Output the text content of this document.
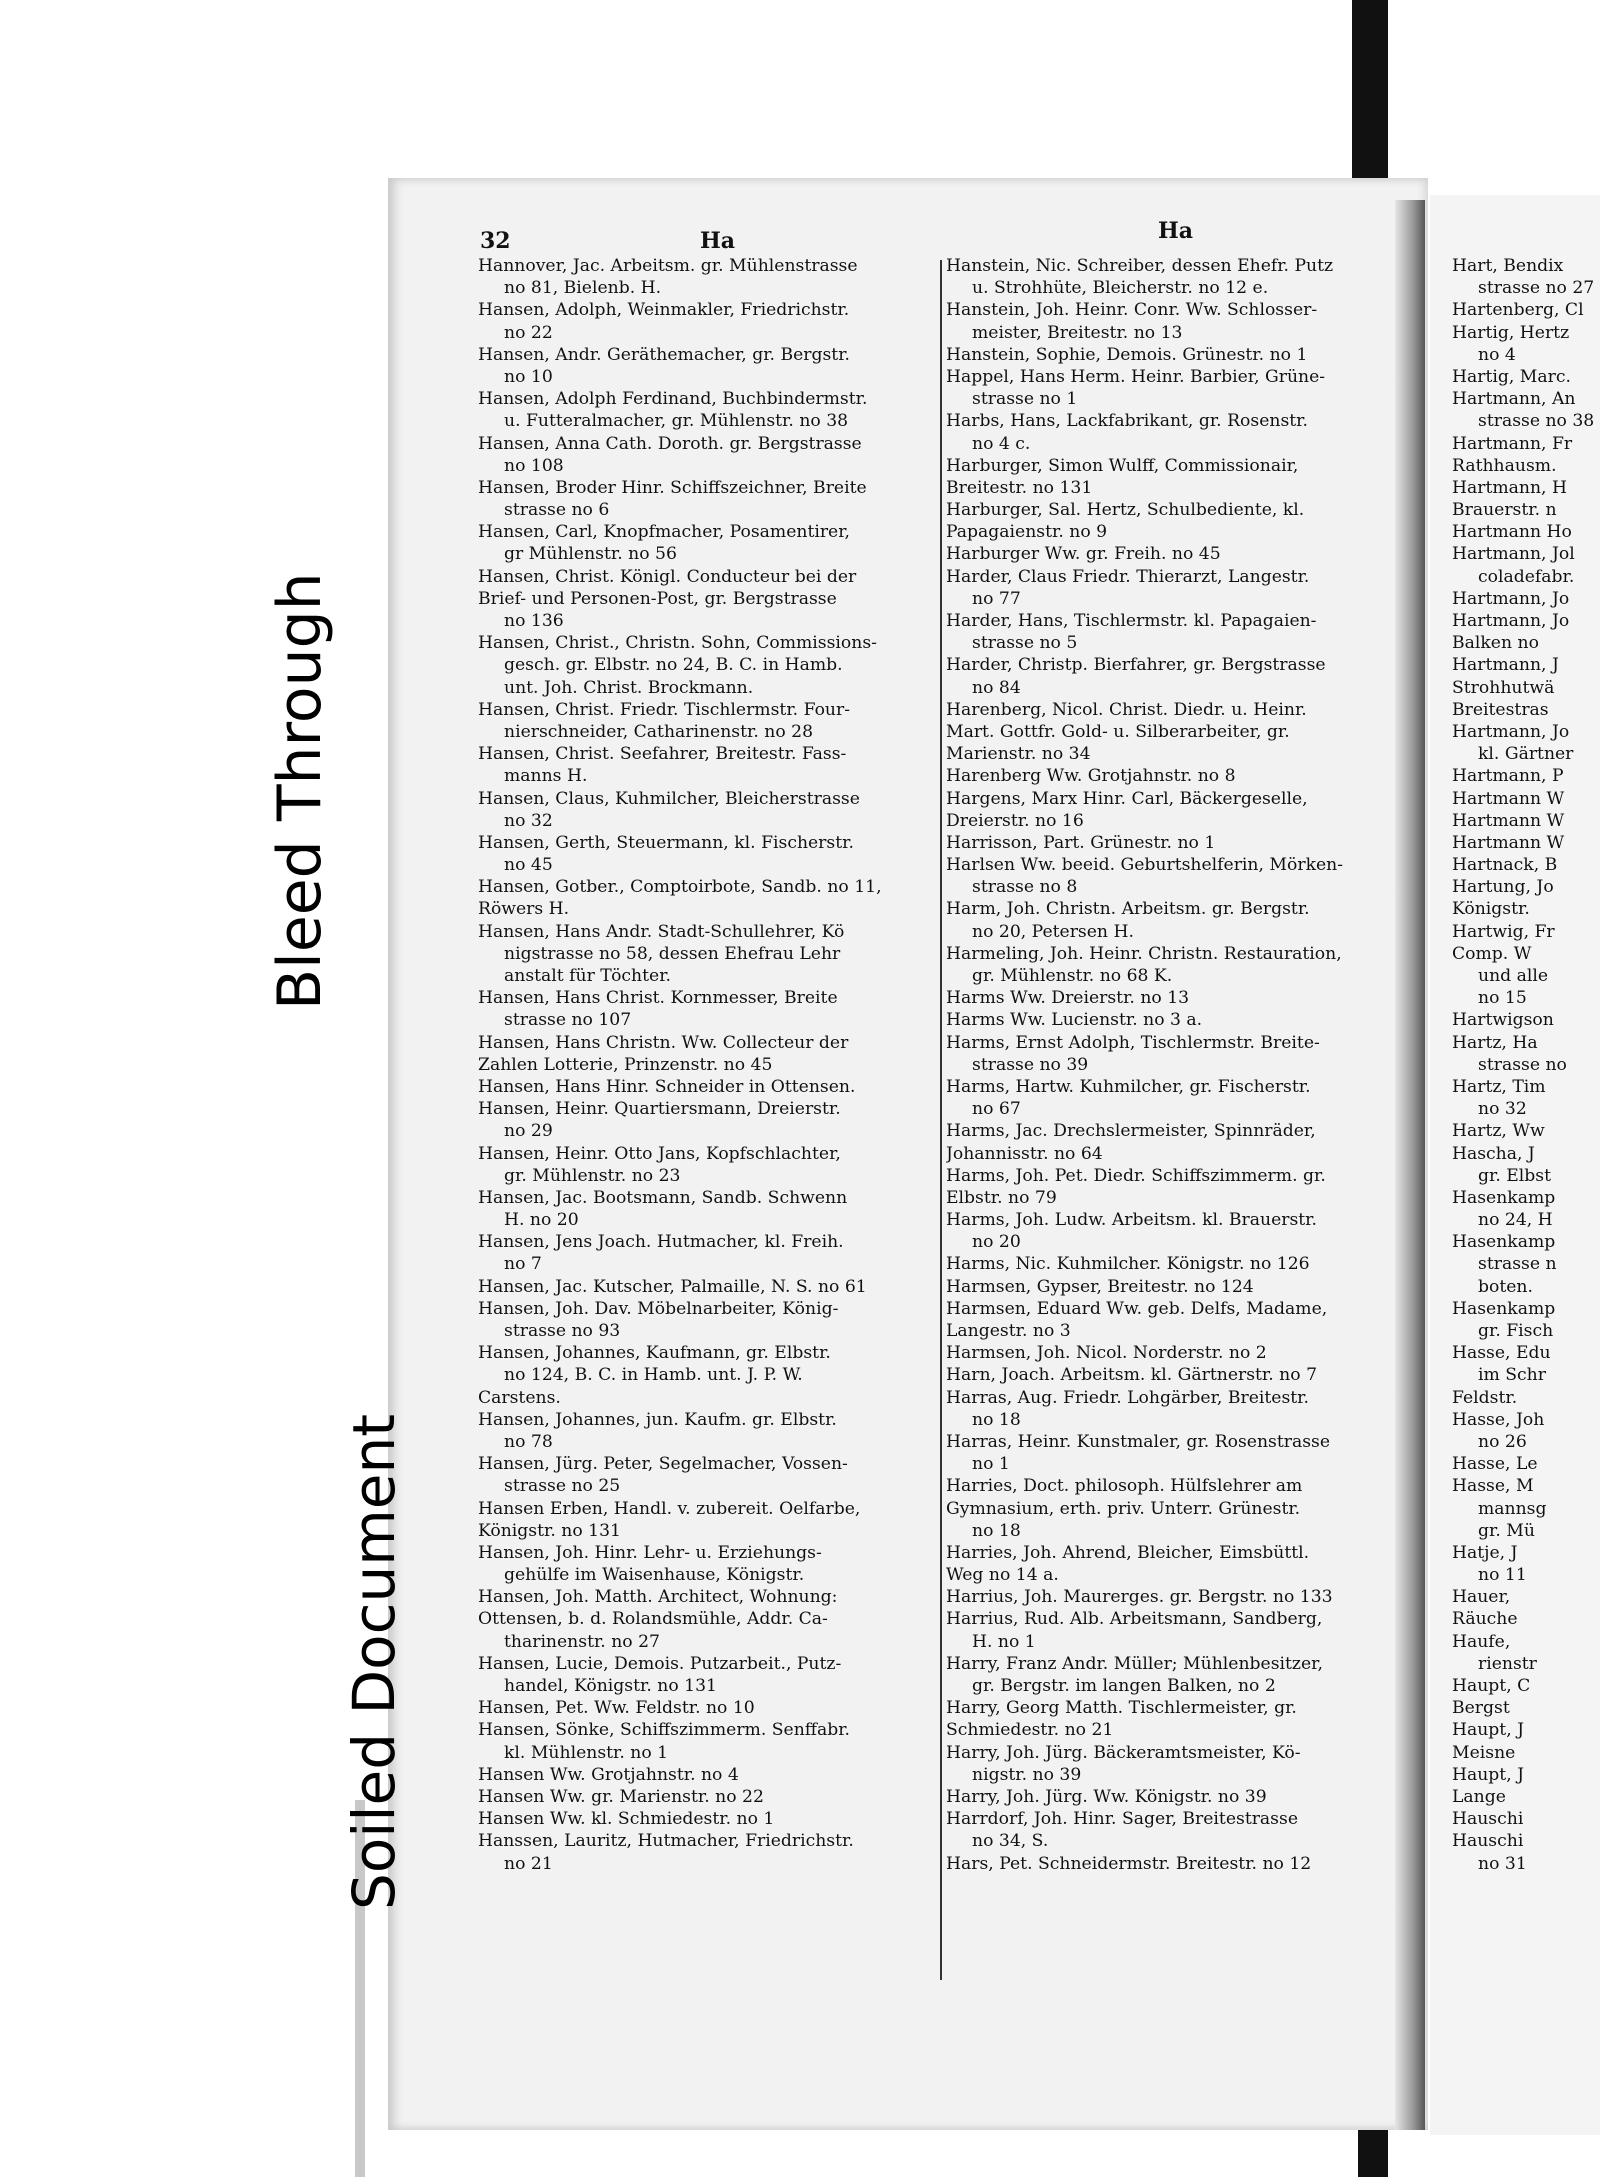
32	Ha	Ha
Hannover, Jac. Arbeitsm. gr. Mühlenstrasse
no 81, Bielenb. H.
Hansen, Adolph, Weinmakler, Friedrichstr.
no 22
Hansen, Andr. Geräthemacher, gr. Bergstr.
no 10
Hansen, Adolph Ferdinand, Buchbindermstr.
u. Futteralmacher, gr. Mühlenstr. no 38
Hansen, Anna Cath. Doroth. gr. Bergstrasse
no 108
Hansen, Broder Hinr. Schiffszeichner, Breite
strasse no 6
Hansen, Carl, Knopfmacher, Posamentirer,
gr Mühlenstr. no 56
Hansen, Christ. Königl. Conducteur bei der
Brief- und Personen-Post, gr. Bergstrasse
no 136
Hansen, Christ., Christn. Sohn, Commissions-
gesch. gr. Elbstr. no 24, B. C. in Hamb.
unt. Joh. Christ. Brockmann.
Hansen, Christ. Friedr. Tischlermstr. Four-
nierschneider, Catharinenstr. no 28
Hansen, Christ. Seefahrer, Breitestr. Fass-
manns H.
Hansen, Claus, Kuhmilcher, Bleicherstrasse
no 32
Hansen, Gerth, Steuermann, kl. Fischerstr.
no 45
Hansen, Gotber., Comptoirbote, Sandb. no 11,
Röwers H.
Hansen, Hans Andr. Stadt-Schullehrer, Kö
nigstrasse no 58, dessen Ehefrau Lehr
anstalt für Töchter.
Hansen, Hans Christ. Kornmesser, Breite
strasse no 107
Hansen, Hans Christn. Ww. Collecteur der
Zahlen Lotterie, Prinzenstr. no 45
Hansen, Hans Hinr. Schneider in Ottensen.
Hansen, Heinr. Quartiersmann, Dreierstr.
no 29
Hansen, Heinr. Otto Jans, Kopfschlachter,
gr. Mühlenstr. no 23
Hansen, Jac. Bootsmann, Sandb. Schwenn
H. no 20
Hansen, Jens Joach. Hutmacher, kl. Freih.
no 7
Hansen, Jac. Kutscher, Palmaille, N. S. no 61
Hansen, Joh. Dav. Möbelnarbeiter, König-
strasse no 93
Hansen, Johannes, Kaufmann, gr. Elbstr.
no 124, B. C. in Hamb. unt. J. P. W.
Carstens.
Hansen, Johannes, jun. Kaufm. gr. Elbstr.
no 78
Hansen, Jürg. Peter, Segelmacher, Vossen-
strasse no 25
Hansen Erben, Handl. v. zubereit. Oelfarbe,
Königstr. no 131
Hansen, Joh. Hinr. Lehr- u. Erziehungs-
gehülfe im Waisenhause, Königstr.
Hansen, Joh. Matth. Architect, Wohnung:
Ottensen, b. d. Rolandsmühle, Addr. Ca-
tharinenstr. no 27
Hansen, Lucie, Demois. Putzarbeit., Putz-
handel, Königstr. no 131
Hansen, Pet. Ww. Feldstr. no 10
Hansen, Sönke, Schiffszimmerm. Senffabr.
kl. Mühlenstr. no 1
Hansen Ww. Grotjahnstr. no 4
Hansen Ww. gr. Marienstr. no 22
Hansen Ww. kl. Schmiedestr. no 1
Hanssen, Lauritz, Hutmacher, Friedrichstr.
no 21
Hanstein, Nic. Schreiber, dessen Ehefr. Putz
u. Strohhüte, Bleicherstr. no 12 e.
Hanstein, Joh. Heinr. Conr. Ww. Schlosser-
meister, Breitestr. no 13
Hanstein, Sophie, Demois. Grünestr. no 1
Happel, Hans Herm. Heinr. Barbier, Grüne-
strasse no 1
Harbs, Hans, Lackfabrikant, gr. Rosenstr.
no 4 c.
Harburger, Simon Wulff, Commissionair,
Breitestr. no 131
Harburger, Sal. Hertz, Schulbediente, kl.
Papagaienstr. no 9
Harburger Ww. gr. Freih. no 45
Harder, Claus Friedr. Thierarzt, Langestr.
no 77
Harder, Hans, Tischlermstr. kl. Papagaien-
strasse no 5
Harder, Christp. Bierfahrer, gr. Bergstrasse
no 84
Harenberg, Nicol. Christ. Diedr. u. Heinr.
Mart. Gottfr. Gold- u. Silberarbeiter, gr.
Marienstr. no 34
Harenberg Ww. Grotjahnstr. no 8
Hargens, Marx Hinr. Carl, Bäckergeselle,
Dreierstr. no 16
Harrisson, Part. Grünestr. no 1
Harlsen Ww. beeid. Geburtshelferin, Mörken-
strasse no 8
Harm, Joh. Christn. Arbeitsm. gr. Bergstr.
no 20, Petersen H.
Harmeling, Joh. Heinr. Christn. Restauration,
gr. Mühlenstr. no 68 K.
Harms Ww. Dreierstr. no 13
Harms Ww. Lucienstr. no 3 a.
Harms, Ernst Adolph, Tischlermstr. Breite-
strasse no 39
Harms, Hartw. Kuhmilcher, gr. Fischerstr.
no 67
Harms, Jac. Drechslermeister, Spinnräder,
Johannisstr. no 64
Harms, Joh. Pet. Diedr. Schiffszimmerm. gr.
Elbstr. no 79
Harms, Joh. Ludw. Arbeitsm. kl. Brauerstr.
no 20
Harms, Nic. Kuhmilcher. Königstr. no 126
Harmsen, Gypser, Breitestr. no 124
Harmsen, Eduard Ww. geb. Delfs, Madame,
Langestr. no 3
Harmsen, Joh. Nicol. Norderstr. no 2
Harn, Joach. Arbeitsm. kl. Gärtnerstr. no 7
Harras, Aug. Friedr. Lohgärber, Breitestr.
no 18
Harras, Heinr. Kunstmaler, gr. Rosenstrasse
no 1
Harries, Doct. philosoph. Hülfslehrer am
Gymnasium, erth. priv. Unterr. Grünestr.
no 18
Harries, Joh. Ahrend, Bleicher, Eimsbüttl.
Weg no 14 a.
Harrius, Joh. Maurerges. gr. Bergstr. no 133
Harrius, Rud. Alb. Arbeitsmann, Sandberg,
H. no 1
Harry, Franz Andr. Müller; Mühlenbesitzer,
gr. Bergstr. im langen Balken, no 2
Harry, Georg Matth. Tischlermeister, gr.
Schmiedestr. no 21
Harry, Joh. Jürg. Bäckeramtsmeister, Kö-
nigstr. no 39
Harry, Joh. Jürg. Ww. Königstr. no 39
Harrdorf, Joh. Hinr. Sager, Breitestrasse
no 34, S.
Hars, Pet. Schneidermstr. Breitestr. no 12
Hart, Bendix
strasse no 27
Hartenberg, Cl
Hartig, Hertz
no 4
Hartig, Marc.
Hartmann, An
strasse no 38
Hartmann, Fr
Rathhausm.
Hartmann, H
Brauerstr. n
Hartmann Ho
Hartmann, Jol
coladefabr.
Hartmann, Jo
Hartmann, Jo
Balken no
Hartmann, J
Strohhutwä
Breitestras
Hartmann, Jo
kl. Gärtner
Hartmann, P
Hartmann W
Hartmann W
Hartmann W
Hartnack, B
Hartung, Jo
Königstr.
Hartwig, Fr
Comp. W
und alle
no 15
Hartwigson
Hartz, Ha
strasse no
Hartz, Tim
no 32
Hartz, Ww
Hascha, J
gr. Elbst
Hasenkamp
no 24, H
Hasenkamp
strasse n
boten.
Hasenkamp
gr. Fisch
Hasse, Edu
im Schr
Feldstr.
Hasse, Joh
no 26
Hasse, Le
Hasse, M
mannsg
gr. Mü
Hatje, J
no 11
Hauer,
Räuche
Haufe,
rienstr
Haupt, C
Bergst
Haupt, J
Meisne
Haupt, J
Lange
Hauschi
Hauschi
no 31
Bleed Through
Soiled Document
